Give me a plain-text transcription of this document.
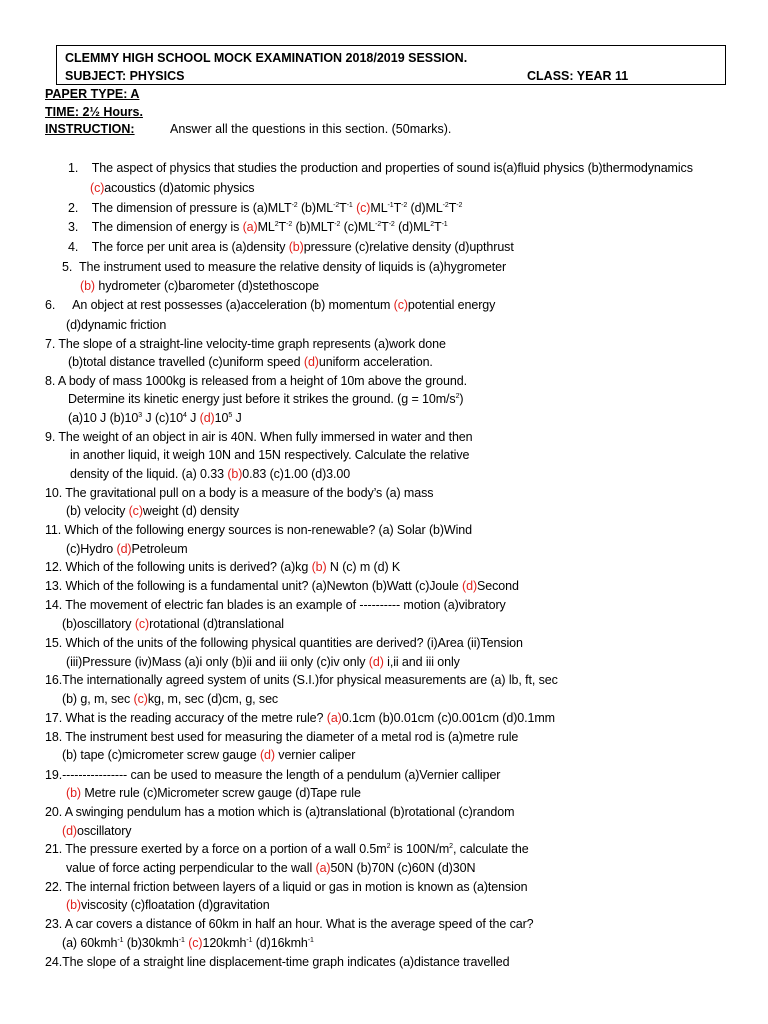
CLEMMY HIGH SCHOOL MOCK EXAMINATION 2018/2019 SESSION.
SUBJECT: PHYSICS	CLASS: YEAR 11
PAPER TYPE: A
TIME: 2½ Hours.
INSTRUCTION:	Answer all the questions in this section. (50marks).
1. The aspect of physics that studies the production and properties of sound is(a)fluid physics (b)thermodynamics
(c)acoustics (d)atomic physics
2. The dimension of pressure is $(a)MLT^{-2}$ $(b)ML^{-2}T^{-1}$ $(c)ML^{-1}T^{-2}$ $(d)ML^{-2}T^{-2}$
3. The dimension of energy is $(a)ML^2T^{-2}$ $(b)MLT^{-2}$ $(c)ML^{-2}T^{-2}$ $(d)ML^2T^{-1}$
4. The force per unit area is (a)density (b)pressure (c)relative density (d)upthrust
5. The instrument used to measure the relative density of liquids is (a)hygrometer
(b) hydrometer (c)barometer (d)stethoscope
6. An object at rest possesses (a)acceleration (b) momentum (c)potential energy
(d)dynamic friction
7. The slope of a straight-line velocity-time graph represents (a)work done
(b)total distance travelled (c)uniform speed (d)uniform acceleration.
8. A body of mass 1000kg is released from a height of 10m above the ground.
Determine its kinetic energy just before it strikes the ground. $(g = 10m/s^2)$
(a)10 J $(b)10^3$ J $(c)10^4$ J $(d)10^5$ J
9. The weight of an object in air is 40N. When fully immersed in water and then
in another liquid, it weigh 10N and 15N respectively. Calculate the relative
density of the liquid. (a) 0.33 (b)0.83 (c)1.00 (d)3.00
10. The gravitational pull on a body is a measure of the body’s (a) mass
(b) velocity (c)weight (d) density
11. Which of the following energy sources is non-renewable? (a) Solar (b)Wind
(c)Hydro (d)Petroleum
12. Which of the following units is derived? (a)kg (b) N (c) m (d) K
13. Which of the following is a fundamental unit? (a)Newton (b)Watt (c)Joule (d)Second
14. The movement of electric fan blades is an example of ---------- motion (a)vibratory
(b)oscillatory (c)rotational (d)translational
15. Which of the units of the following physical quantities are derived? (i)Area (ii)Tension
(iii)Pressure (iv)Mass (a)i only (b)ii and iii only (c)iv only (d) i,ii and iii only
16.The internationally agreed system of units (S.I.)for physical measurements are (a) lb, ft, sec
(b) g, m, sec (c)kg, m, sec (d)cm, g, sec
17. What is the reading accuracy of the metre rule? (a)0.1cm (b)0.01cm (c)0.001cm (d)0.1mm
18. The instrument best used for measuring the diameter of a metal rod is (a)metre rule
(b) tape (c)micrometer screw gauge (d) vernier caliper
19.---------------- can be used to measure the length of a pendulum (a)Vernier calliper
(b) Metre rule (c)Micrometer screw gauge (d)Tape rule
20. A swinging pendulum has a motion which is (a)translational (b)rotational (c)random
(d)oscillatory
21. The pressure exerted by a force on a portion of a wall $0.5m^2$ is $100N/m^2$, calculate the
value of force acting perpendicular to the wall (a)50N (b)70N (c)60N (d)30N
22. The internal friction between layers of a liquid or gas in motion is known as (a)tension
(b)viscosity (c)floatation (d)gravitation
23. A car covers a distance of 60km in half an hour. What is the average speed of the car?
(a) 60kmh$^{-1}$ (b)30kmh$^{-1}$ (c)120kmh$^{-1}$ (d)16kmh$^{-1}$
24.The slope of a straight line displacement-time graph indicates (a)distance travelled
